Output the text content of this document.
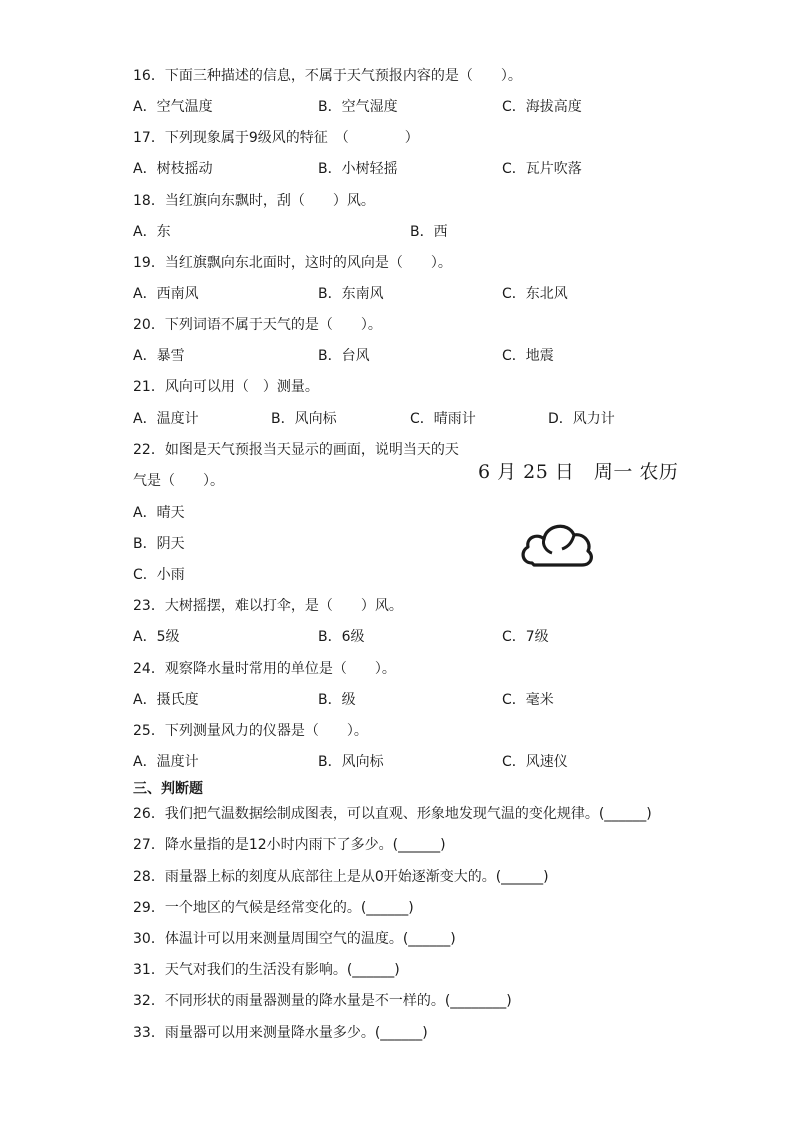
16．下面三种描述的信息，不属于天气预报内容的是（　　）。
A．空气温度	B．空气湿度	C．海拔高度
17．下列现象属于9级风的特征　（　　　　）
A．树枝摇动	B．小树轻摇	C．瓦片吹落
18．当红旗向东飘时，刮（　　）风。
A．东	B．西
19．当红旗飘向东北面时，这时的风向是（　　）。
A．西南风	B．东南风	C．东北风
20．下列词语不属于天气的是（　　）。
A．暴雪	B．台风	C．地震
21．风向可以用（　）测量。
A．温度计	B．风向标	C．晴雨计	D．风力计
22．如图是天气预报当天显示的画面，说明当天的天
气是（　　）。
A．晴天
B．阴天
C．小雨
6 月 25 日　周一 农历
23．大树摇摆，难以打伞，是（　　）风。
A．5级	B．6级	C．7级
24．观察降水量时常用的单位是（　　）。
A．摄氏度	B．级	C．毫米
25．下列测量风力的仪器是（　　）。
A．温度计	B．风向标	C．风速仪
三、判断题
26．我们把气温数据绘制成图表，可以直观、形象地发现气温的变化规律。(______)
27．降水量指的是12小时内雨下了多少。(______)
28．雨量器上标的刻度从底部往上是从0开始逐渐变大的。(______)
29．一个地区的气候是经常变化的。(______)
30．体温计可以用来测量周围空气的温度。(______)
31．天气对我们的生活没有影响。(______)
32．不同形状的雨量器测量的降水量是不一样的。(________)
33．雨量器可以用来测量降水量多少。(______)
